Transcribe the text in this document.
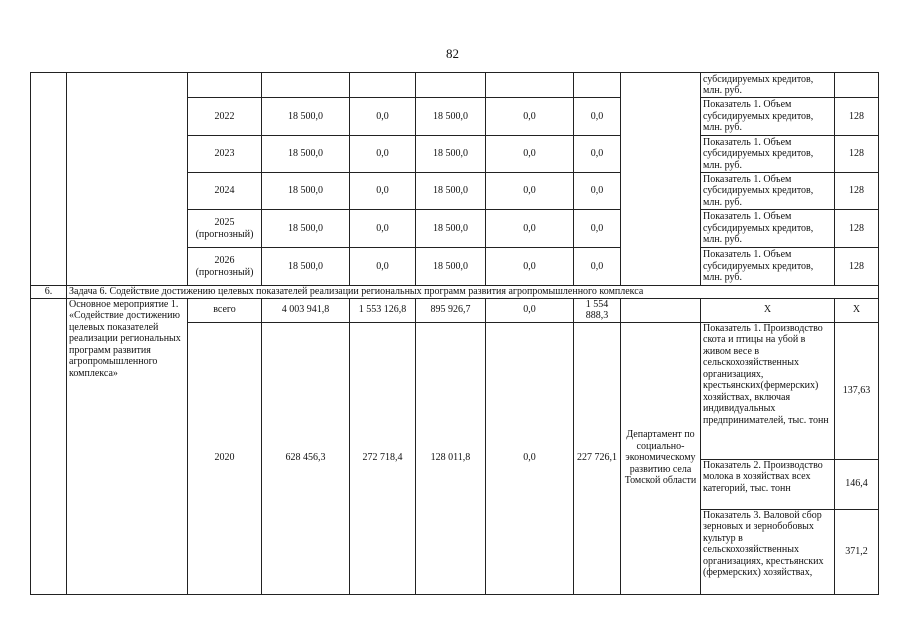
82
									субсидируемых кредитов, млн. руб.	
		2022	18 500,0	0,0	18 500,0	0,0	0,0		Показатель 1. Объем субсидируемых кредитов, млн. руб.	128
		2023	18 500,0	0,0	18 500,0	0,0	0,0		Показатель 1. Объем субсидируемых кредитов, млн. руб.	128
		2024	18 500,0	0,0	18 500,0	0,0	0,0		Показатель 1. Объем субсидируемых кредитов, млн. руб.	128
		2025 (прогнозный)	18 500,0	0,0	18 500,0	0,0	0,0		Показатель 1. Объем субсидируемых кредитов, млн. руб.	128
		2026 (прогнозный)	18 500,0	0,0	18 500,0	0,0	0,0		Показатель 1. Объем субсидируемых кредитов, млн. руб.	128
6.	Задача 6. Содействие достижению целевых показателей реализации региональных программ развития агропромышленного комплекса									
	Основное мероприятие 1. «Содействие достижению целевых показателей реализации региональных программ развития агропромышленного комплекса»	всего	4 003 941,8	1 553 126,8	895 926,7	0,0	1 554 888,3		X	X
		2020	628 456,3	272 718,4	128 011,8	0,0	227 726,1	Департамент по социально-экономическому развитию села Томской области	Показатель 1. Производство скота и птицы на убой в живом весе в сельскохозяйственных организациях, крестьянских(фермерских) хозяйствах, включая индивидуальных предпринимателей, тыс. тонн	137,63
									Показатель 2. Производство молока в хозяйствах всех категорий, тыс. тонн	146,4
									Показатель 3. Валовой сбор зерновых и зернобобовых культур в сельскохозяйственных организациях, крестьянских (фермерских) хозяйствах,	371,2
